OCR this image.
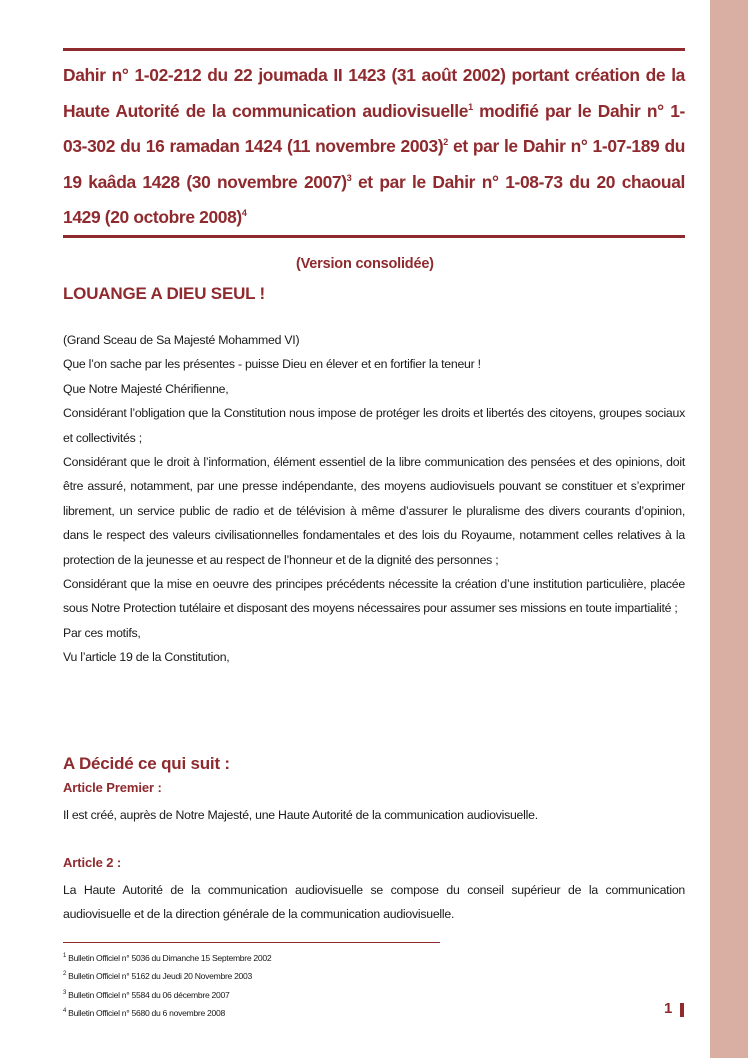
Dahir n° 1-02-212 du 22 joumada II 1423 (31 août 2002) portant création de la Haute Autorité de la communication audiovisuelle$^1$ modifié par le Dahir n° 1-03-302 du 16 ramadan 1424 (11 novembre 2003)$^2$ et par le Dahir n° 1-07-189 du 19 kaâda 1428 (30 novembre 2007)$^3$ et par le Dahir n° 1-08-73 du 20 chaoual 1429 (20 octobre 2008)$^4$

(Version consolidée)
LOUANGE A DIEU SEUL !

(Grand Sceau de Sa Majesté Mohammed VI)

Que l’on sache par les présentes - puisse Dieu en élever et en fortifier la teneur !

Que Notre Majesté Chérifienne,

Considérant l’obligation que la Constitution nous impose de protéger les droits et libertés des citoyens, groupes sociaux et collectivités ;

Considérant que le droit à l’information, élément essentiel de la libre communication des pensées et des opinions, doit être assuré, notamment, par une presse indépendante, des moyens audiovisuels pouvant se constituer et s’exprimer librement, un service public de radio et de télévision à même d’assurer le pluralisme des divers courants d’opinion, dans le respect des valeurs civilisationnelles fondamentales et des lois du Royaume, notamment celles relatives à la protection de la jeunesse et au respect de l’honneur et de la dignité des personnes ;

Considérant que la mise en oeuvre des principes précédents nécessite la création d’une institution particulière, placée sous Notre Protection tutélaire et disposant des moyens nécessaires pour assumer ses missions en toute impartialité ;

Par ces motifs,

Vu l’article 19 de la Constitution,

A Décidé ce qui suit :
Article Premier :

Il est créé, auprès de Notre Majesté, une Haute Autorité de la communication audiovisuelle.

Article 2 :

La Haute Autorité de la communication audiovisuelle se compose du conseil supérieur de la communication audiovisuelle et de la direction générale de la communication audiovisuelle.

$^1$ Bulletin Officiel n° 5036 du Dimanche 15 Septembre 2002

$^2$ Bulletin Officiel n° 5162 du Jeudi 20 Novembre 2003

$^3$ Bulletin Officiel n° 5584 du 06 décembre 2007

$^4$ Bulletin Officiel n° 5680 du 6 novembre 2008	1
